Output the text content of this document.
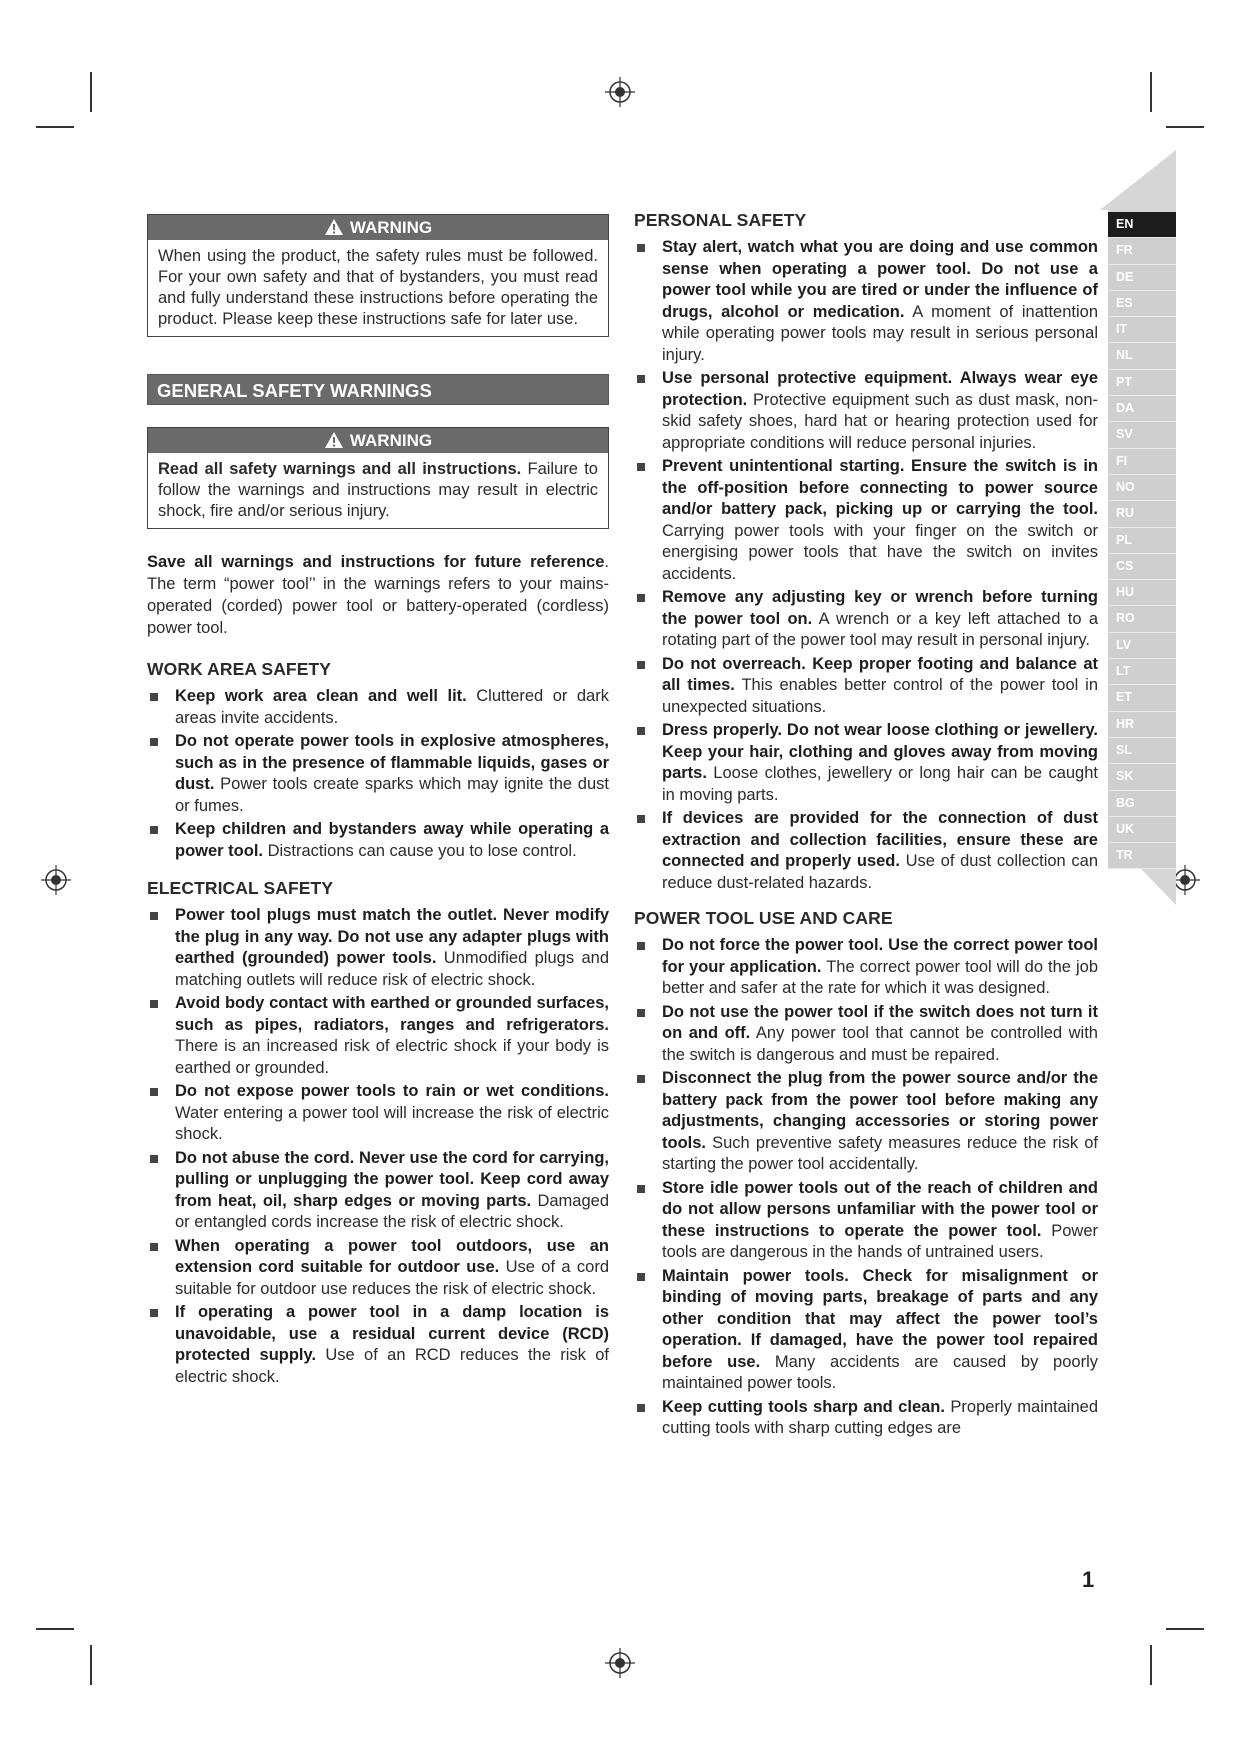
WARNING
When using the product, the safety rules must be followed. For your own safety and that of bystanders, you must read and fully understand these instructions before operating the product. Please keep these instructions safe for later use.
GENERAL SAFETY WARNINGS
WARNING
Read all safety warnings and all instructions. Failure to follow the warnings and instructions may result in electric shock, fire and/or serious injury.

Save all warnings and instructions for future reference. The term “power tool’’ in the warnings refers to your mains-operated (corded) power tool or battery-operated (cordless) power tool.

WORK AREA SAFETY
Keep work area clean and well lit. Cluttered or dark areas invite accidents.
Do not operate power tools in explosive atmospheres, such as in the presence of flammable liquids, gases or dust. Power tools create sparks which may ignite the dust or fumes.
Keep children and bystanders away while operating a power tool. Distractions can cause you to lose control.
ELECTRICAL SAFETY
Power tool plugs must match the outlet. Never modify the plug in any way. Do not use any adapter plugs with earthed (grounded) power tools. Unmodified plugs and matching outlets will reduce risk of electric shock.
Avoid body contact with earthed or grounded surfaces, such as pipes, radiators, ranges and refrigerators. There is an increased risk of electric shock if your body is earthed or grounded.
Do not expose power tools to rain or wet conditions. Water entering a power tool will increase the risk of electric shock.
Do not abuse the cord. Never use the cord for carrying, pulling or unplugging the power tool. Keep cord away from heat, oil, sharp edges or moving parts. Damaged or entangled cords increase the risk of electric shock.
When operating a power tool outdoors, use an extension cord suitable for outdoor use. Use of a cord suitable for outdoor use reduces the risk of electric shock.
If operating a power tool in a damp location is unavoidable, use a residual current device (RCD) protected supply. Use of an RCD reduces the risk of electric shock.
PERSONAL SAFETY
Stay alert, watch what you are doing and use common sense when operating a power tool. Do not use a power tool while you are tired or under the influence of drugs, alcohol or medication. A moment of inattention while operating power tools may result in serious personal injury.
Use personal protective equipment. Always wear eye protection. Protective equipment such as dust mask, non-skid safety shoes, hard hat or hearing protection used for appropriate conditions will reduce personal injuries.
Prevent unintentional starting. Ensure the switch is in the off-position before connecting to power source and/or battery pack, picking up or carrying the tool. Carrying power tools with your finger on the switch or energising power tools that have the switch on invites accidents.
Remove any adjusting key or wrench before turning the power tool on. A wrench or a key left attached to a rotating part of the power tool may result in personal injury.
Do not overreach. Keep proper footing and balance at all times. This enables better control of the power tool in unexpected situations.
Dress properly. Do not wear loose clothing or jewellery. Keep your hair, clothing and gloves away from moving parts. Loose clothes, jewellery or long hair can be caught in moving parts.
If devices are provided for the connection of dust extraction and collection facilities, ensure these are connected and properly used. Use of dust collection can reduce dust-related hazards.
POWER TOOL USE AND CARE
Do not force the power tool. Use the correct power tool for your application. The correct power tool will do the job better and safer at the rate for which it was designed.
Do not use the power tool if the switch does not turn it on and off. Any power tool that cannot be controlled with the switch is dangerous and must be repaired.
Disconnect the plug from the power source and/or the battery pack from the power tool before making any adjustments, changing accessories or storing power tools. Such preventive safety measures reduce the risk of starting the power tool accidentally.
Store idle power tools out of the reach of children and do not allow persons unfamiliar with the power tool or these instructions to operate the power tool. Power tools are dangerous in the hands of untrained users.
Maintain power tools. Check for misalignment or binding of moving parts, breakage of parts and any other condition that may affect the power tool’s operation. If damaged, have the power tool repaired before use. Many accidents are caused by poorly maintained power tools.
Keep cutting tools sharp and clean. Properly maintained cutting tools with sharp cutting edges are
EN
FR
DE
ES
IT
NL
PT
DA
SV
FI
NO
RU
PL
CS
HU
RO
LV
LT
ET
HR
SL
SK
BG
UK
TR
1
